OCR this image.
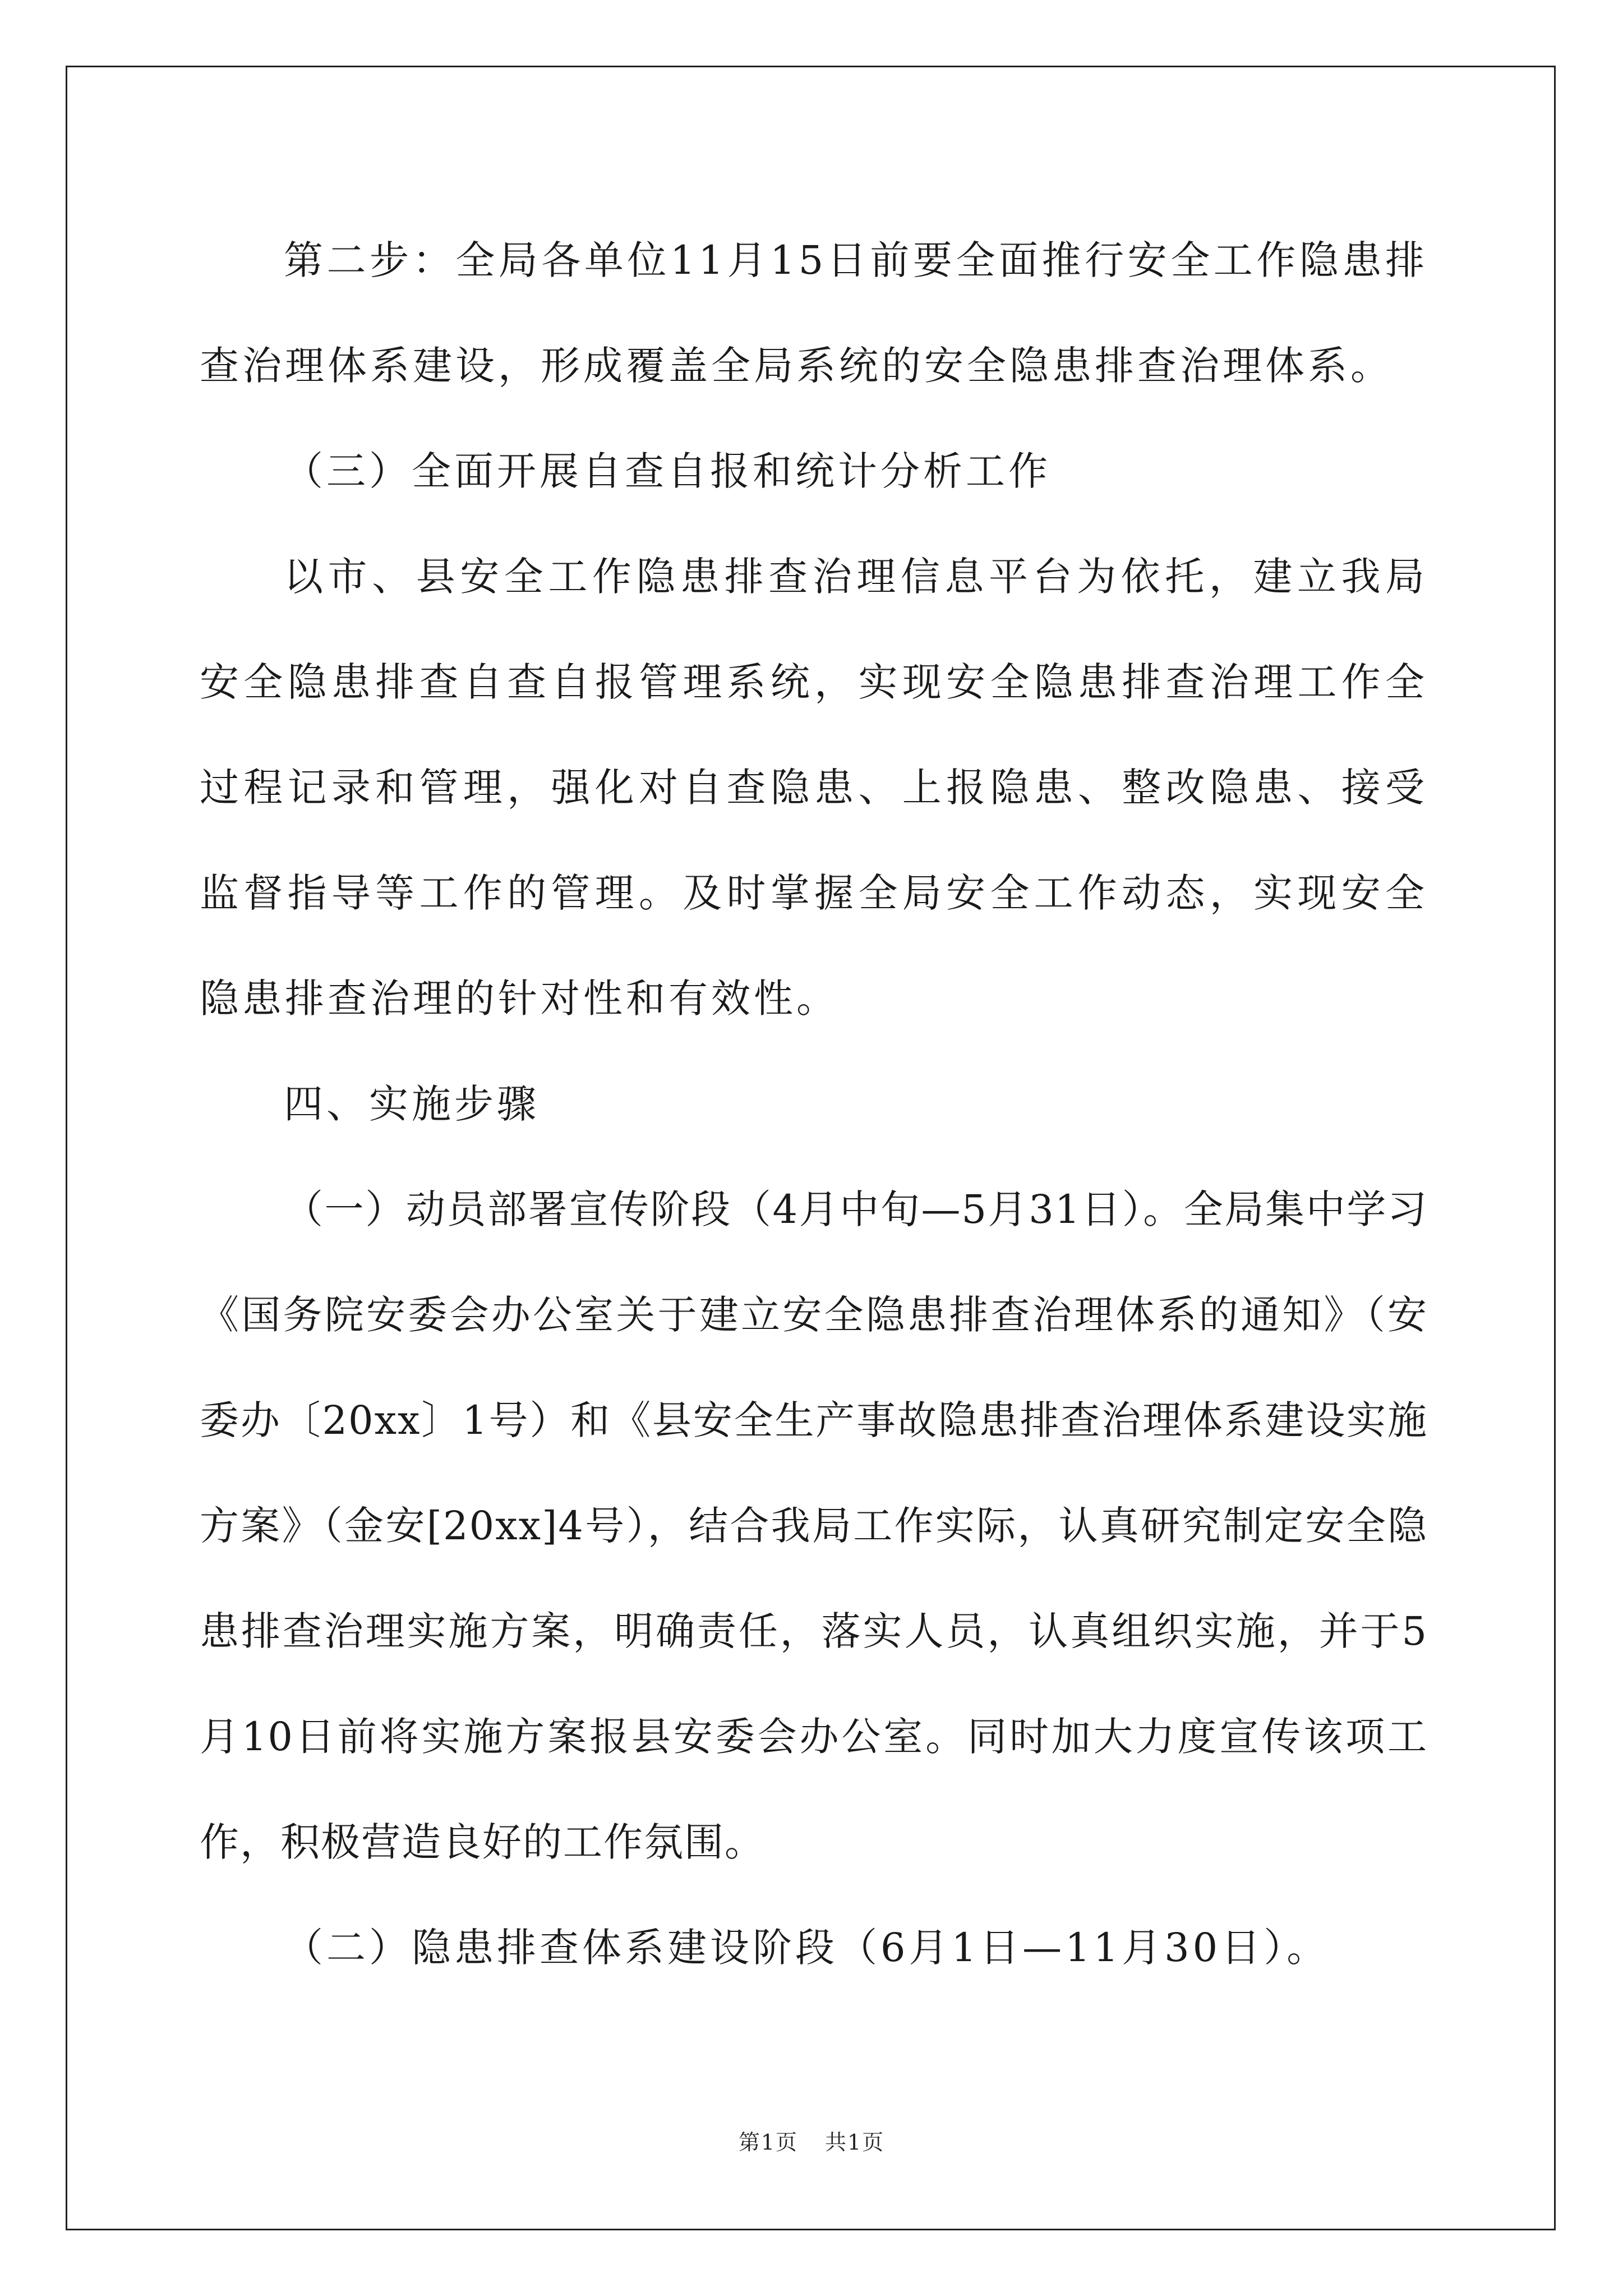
第二步：全局各单位11月15日前要全面推行安全工作隐患排查治理体系建设，形成覆盖全局系统的安全隐患排查治理体系。

（三）全面开展自查自报和统计分析工作

以市、县安全工作隐患排查治理信息平台为依托，建立我局安全隐患排查自查自报管理系统，实现安全隐患排查治理工作全过程记录和管理，强化对自查隐患、上报隐患、整改隐患、接受监督指导等工作的管理。及时掌握全局安全工作动态，实现安全隐患排查治理的针对性和有效性。

四、实施步骤

（一）动员部署宣传阶段（4月中旬—5月31日）。全局集中学习《国务院安委会办公室关于建立安全隐患排查治理体系的通知》（安委办〔20xx〕1号）和《县安全生产事故隐患排查治理体系建设实施方案》（金安[20xx]4号），结合我局工作实际，认真研究制定安全隐患排查治理实施方案，明确责任，落实人员，认真组织实施，并于5月10日前将实施方案报县安委会办公室。同时加大力度宣传该项工作，积极营造良好的工作氛围。

（二）隐患排查体系建设阶段（6月1日—11月30日）。

第1页 共1页
